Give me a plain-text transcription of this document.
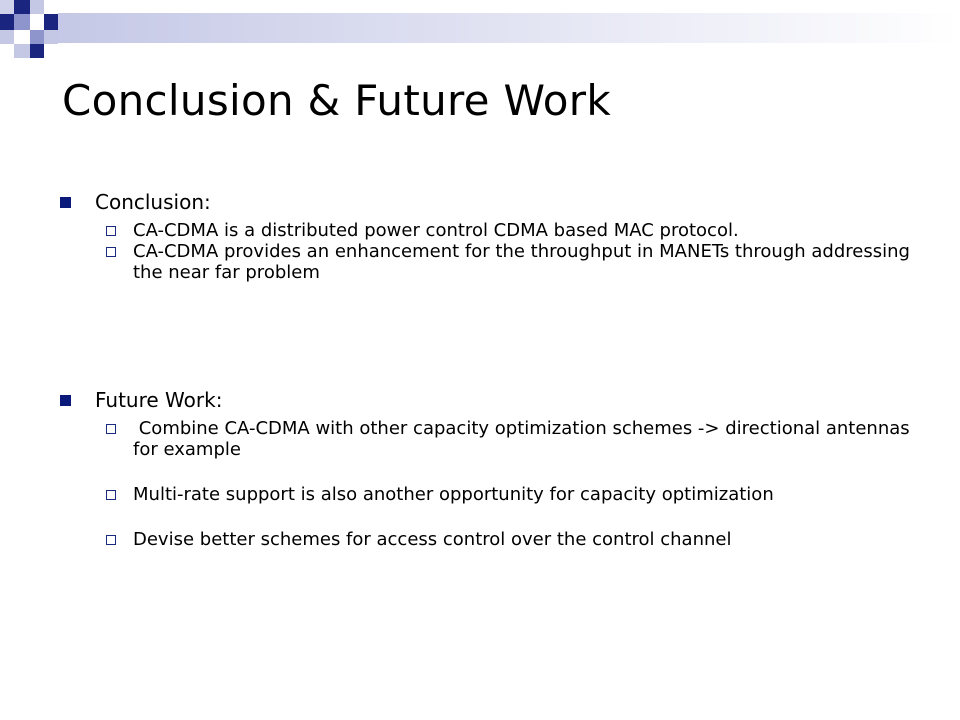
Conclusion & Future Work
Conclusion:
CA-CDMA is a distributed power control CDMA based MAC protocol.
CA-CDMA provides an enhancement for the throughput in MANETs through addressing the near far problem
Future Work:
Combine CA-CDMA with other capacity optimization schemes -> directional antennas for example
Multi-rate support is also another opportunity for capacity optimization
Devise better schemes for access control over the control channel
